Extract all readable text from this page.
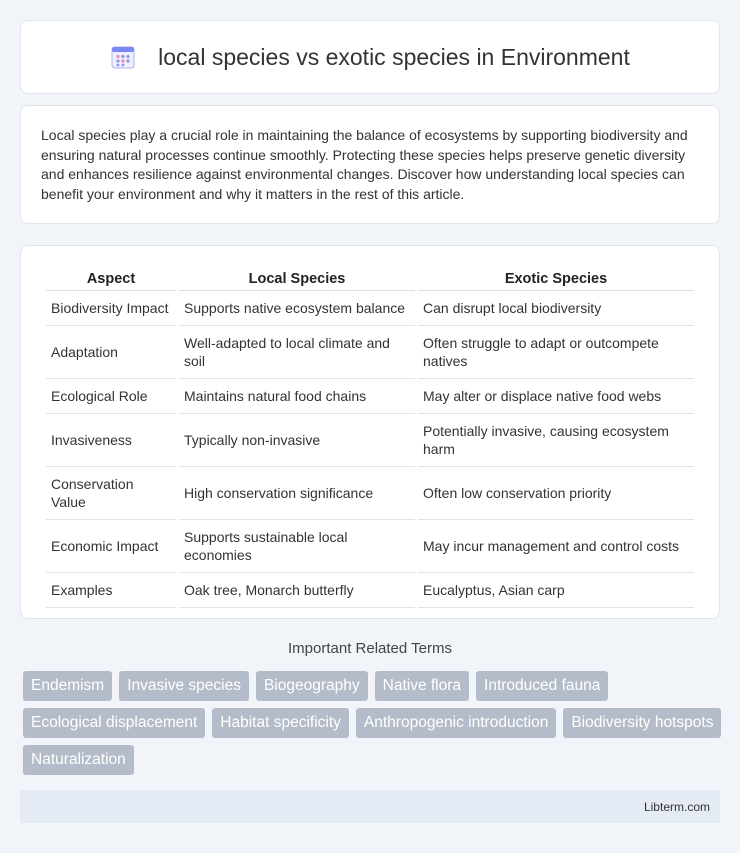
local species vs exotic species in Environment

Local species play a crucial role in maintaining the balance of ecosystems by supporting biodiversity and ensuring natural processes continue smoothly. Protecting these species helps preserve genetic diversity and enhances resilience against environmental changes. Discover how understanding local species can benefit your environment and why it matters in the rest of this article.

Aspect	Local Species	Exotic Species
Biodiversity Impact	Supports native ecosystem balance	Can disrupt local biodiversity
Adaptation	Well-adapted to local climate and soil	Often struggle to adapt or outcompete natives
Ecological Role	Maintains natural food chains	May alter or displace native food webs
Invasiveness	Typically non-invasive	Potentially invasive, causing ecosystem harm
Conservation Value	High conservation significance	Often low conservation priority
Economic Impact	Supports sustainable local economies	May incur management and control costs
Examples	Oak tree, Monarch butterfly	Eucalyptus, Asian carp
Important Related Terms
Endemism	Invasive species	Biogeography	Native flora	Introduced fauna
Ecological displacement	Habitat specificity	Anthropogenic introduction	Biodiversity hotspots
Naturalization
Libterm.com
